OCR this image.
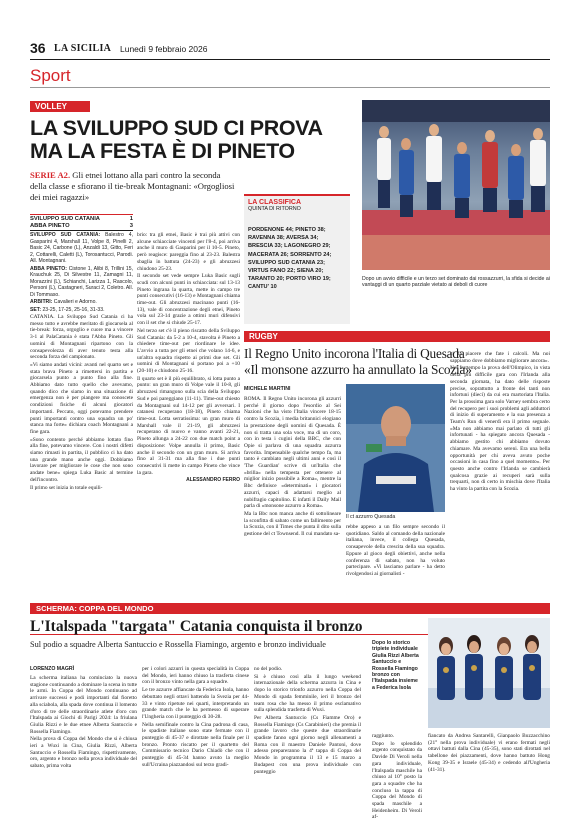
36 LA SICILIA Lunedì 9 febbraio 2026
Sport
VOLLEY
LA SVILUPPO SUD CI PROVA
MA LA FESTA È DI PINETO
SERIE A2. Gli etnei lottano alla pari contro la seconda della classe e sfiorano il tie-break Montagnani: «Orgogliosi dei miei ragazzi»
SVILUPPO SUD CATANIA	1
ABBA PINETO	3

SVILUPPO SUD CATANIA: Balestro 4, Gasparini 4, Marshall 11, Volpe 8, Pinelli 2, Basic 24, Carbone (L), Anzaldi 13, Gitto, Feri 2, Cottarelli, Caletti (L), Torosantucci, Parodi. All. Montagnani.

ABBA PINETO: Cistone 1, Alibi 8, Trillini 15, Krauchuk 25, Di Silvestre 11, Zamagni 11, Morazzini (L), Schianchi, Larizza 1, Rascolo, Personi (L), Castagneri, Suraci 2, Coletro. All. Di Tommaso.

ARBITRI: Cavalieri e Adorno.

SET: 23-25, 17-25, 25-16, 31-33.

CATANIA. La Sviluppo Sud Catania ci ha messo tutto e avrebbe meritato di giocarsela al tie-break: forza, orgoglio e cuore ma a vincere 3-1 al PalaCatania è stata l'Abba Pineto. Gli uomini di Montagnani ripartono con la consapevolezza di aver tenuto testa alla seconda forza del campionato.

«Vi siamo andati vicini: avanti nel quarto set e stata brava Pineto a rimettersi in partita e giocarsela punto a punto fino alla fine. Abbiamo dato tutto quello che avevamo, quando dico che siamo in una situazione di emergenza non è per piangere ma conoscete condizioni fisiche di alcuni giocatori importanti. Peccato, oggi potevamo prendere punti importanti contro una squadra un po' stanca ma forte» dichiara coach Montagnani a fine gara.

«Sono contento perché abbiamo lottato fino alla fine, potevamo vincere. Con i nostri difetti siamo rimasti in partita, il pubblico ci ha dato una grande mano anche oggi. Dobbiamo lavorare per migliorare le cose che non sono andate bene» spiega Luka Basic al termine dell'incontro.

Il primo set inizia in totale equili-

brio: tra gli etnei, Basic è trai più attivi con alcune schiacciate vincenti per l'8-4, poi arriva anche il muro di Gasparini per il 10-5. Pineto, però reagisce: pareggia fino al 23-23. Balestra sbaglia in battuta (24-23) e gli abruzzesi chiudono 25-23.

Il secondo set vede sempre Luka Basic sugli scudi con alcuni punti in schiacciata: sul 13-13 Pineto ingrana la quarta, mette in campo tre punti consecutivi (16-13) e Montagnani chiama time-out. Gli abruzzesi macinano punti (16-13), vale di concentrazione degli etnei, Pineto vola sul 23-14 grazie a ottimi muri difensivi con il set che si chiude 25-17.

Nel terzo set c'è il pieno riscatto della Sviluppo Sud Catania: da 5-2 a 10-4, stavolta è Pineto a chiedere time-out per riordinare le idee. L'avvio a tutta per gli etnei che volano 14-6, e un'altra squadra rispetto ai primi due set. Gli uomini di Montagnani si portano poi a +10 (20-10) e chiudono 25-16.

Il quarto set è il più equilibrato, si lotta punto a punto: un gran muro di Volpe vale il 10-8, gli abruzzesi rimangono sulla scia della Sviluppo Sud e poi pareggiano (11-11). Time-out chiesto da Montagnani sul 14-12 per gli avversari. I catanesi recuperano (18-18), Pineto chiama time-out. Lotta serratissima: un gran muro di Marshall vale il 21-19, gli abruzzesi recuperano di nuovo e vanno avanti 22-21, Pineto allunga a 24-22 con due match point a disposizione: Volpe annulla il primo, Basic anche il secondo con un gran muro. Si arriva fino al 31-31 ma alla fine i due punti consecutivi li mette in campo Pineto che vince la gara.

ALESSANDRO FERRO
LA CLASSIFICA
QUINTA DI RITORNO
PORDENONE 44; PINETO 38;
RAVENNA 38; AVERSA 34;
BRESCIA 33; LAGONEGRO 29;
MACERATA 26; SORRENTO 24;
SVILUPPO SUD CATANIA 23;
VIRTUS FANO 22; SIENA 20;
TARANTO 20; PORTO VIRO 19;
CANTU' 10
Dopo un avvio difficile e un terzo set dominato dai rossazzurri, la sfida si decide ai vantaggi di un quarto parziale vietato ai deboli di cuore
RUGBY
Il Regno Unito incorona l'Italia di Quesada
«Il monsone azzurro ha annullato la Scozia»
MICHELE MARTINI

ROMA. Il Regno Unito incorona gli azzurri perché il giorno dopo l'esordio al Sei Nazioni che ha visto l'Italia vincere 18-15 contro la Scozia, i media britannici elogiano la prestazione degli uomini di Quesada. È non si tratta una sola voce, ma di un coro, con in testa i cugini della BBC, che con Opie si parlava di una squadra azzurra favorita. Impensabile qualche tempo fa, ma tanto è cambiato negli ultimi anni e così il 'The Guardian' scrive di un'Italia che «brilla» nella tempesta per ottenere al miglior inizio possibile a Roma», mentre la Bbc definisce «determinati» i giocatori azzurri, capaci di adattarsi meglio al nubifragio capitolino. E infatti il Daily Mail parla di «monsone azzurro a Roma».

Ma la Bbc non manca anche di sottolineare la sconfitta di sabato come un fallimento per la Scozia, con il Times che punta il dito sulla gestione del ct Townsend. Il cui mandato sa-

Il ct azzurro Quesada

rebbe appeso a un filo sempre secondo il quotidiano. Saldo al comando della nazionale italiana, invece, il collega Quesada, consapevole della crescita della sua squadra. Eppure al gioco degli obiettivi, anche nella conferenza di sabato, non ha voluto partecipare. «Vi lasciamo parlare - ha detto rivolgendosi ai giornalisti -

ci fa piacere che fate i calcoli. Ma noi sappiamo dove dobbiamo migliorare ancora».

Nel frattempo la prova dell'Olimpico, in vista della più difficile gara con l'Irlanda alla seconda giornata, ha dato delle risposte precise, soprattutto a fronte dei tanti non infortuni (dieci) da cui era martoriata l'Italia. Per la prossima gara solo Varney sembra certo del recupero per i suoi problemi agli adduttori di inizio di superamento e la sua presenza a Team's Run di venerdì era il primo segnale. «Ma non abbiamo mai parlato di tutti gli infortunati - ha spiegato ancora Quesada - abbiamo gestito chi abbiamo dovuto chiamare. Ma avevamo sereni. Era una bella opportunità per chi aveva avuto poche occasioni in casa fino a quel momento». Per questo anche contro l'Irlanda se cambierà qualcosa grazie ai recuperi sarà sulla trequarti, non di certo in mischia dove l'Italia ha vinto la partita con la Scozia.

SCHERMA: COPPA DEL MONDO
L'Italspada "targata" Catania conquista il bronzo
Sul podio a squadre Alberta Santuccio e Rossella Fiamingo, argento e bronzo individuale
LORENZO MAGRÌ

La scherma italiana ha cominciato la nuova stagione continuando a dominare la scena in tutte le armi. In Coppa del Mondo continuano ad arrivare successi e podi importanti dal fioretto alla sciabola, alla spada dove continua il lomento d'oro di tre delle straordinarie atlete d'oro con l'Italspada ai Giochi di Parigi 2024: la friulana Giulia Rizzi e le due etnee Alberta Santuccio e Rossella Fiamingo.

Nella prova di Coppa del Mondo che si è chiusa ieri a Wuxi in Cina, Giulia Rizzi, Alberta Santuccio e Rossella Fiamingo, rispettivamente, oro, argento e bronzo nella prova individuale del sabato, prima volta

per i colori azzurri in questa specialità in Coppa del Mondo, ieri hanno chiuso la trasferta cinese con il bronzo vinto nella gara a squadre.

Le tre azzurre affiancate da Federica Isola, hanno debuttato negli ottavi battendo la Svezia per 44-33 e vinto ripetute nei quarti, interpretando un grande match che le ha permesso di superare l'Ungheria con il punteggio di 30-28.

Nella semifinale contro la Cina padrona di casa, le spadiste italiane sono state fermate con il punteggio di 45-37 e dirottate nella finale per il bronzo. Pronto riscatto per il quartetto del Commissario tecnico Dario Chiadò che con il punteggio di 45-34 hanno avuto la meglio sull'Ucraina piazzandosi sul terzo gradi-

no del podio.

Si è chiuso così alla il lungo weekend internazionale della scherma azzurra in Cina e dopo lo storico trionfo azzurro nella Coppa del Mondo di spada femminile, ieri il bronzo del team rosa che ha messo il primo esclamativo sulla splendida trasferta di Wuxi.

Per Alberta Santuccio (Cs Fiamme Oro) e Rossella Fiamingo (Cs Carabinieri) che premia il grande lavoro che queste due straordinarie spadiste fanno ogni giorno negli allenamenti a Roma con il maestro Daniele Pantoni, dove adesso prepareranno la 4ª tappa di Coppa del Mondo in programma il 13 e 15 marzo a Budapest con una prova individuale con punteggio

Dopo lo storico tripiete individuale Giulia Rizzi Alberta Santuccio e Rossella Fiamingo bronzo con l'Italspada insieme a Federica Isola

raggiunto.

Dopo lo splendido argento conquistato da Davide Di Veroli nella gara individuale, l'Italspada maschile ha chiuso al 10° posto la gara a squadre che ha concluso la tappa di Coppa del Mondo di spada maschile a Heidenheim. Di Veroli af-

fiancato da Andrea Santarelli, Gianpaolo Buzzacchino (21° nella prova individuale) vi erano fermati negli ottavi battuti dalla Cina (45-35), sono stati dirottati nel tabellone dei piazzamenti, dove hanno battuto Hong Kong 39-35 e Israele (45-34) e cedendo all'Ungheria (41-31).
